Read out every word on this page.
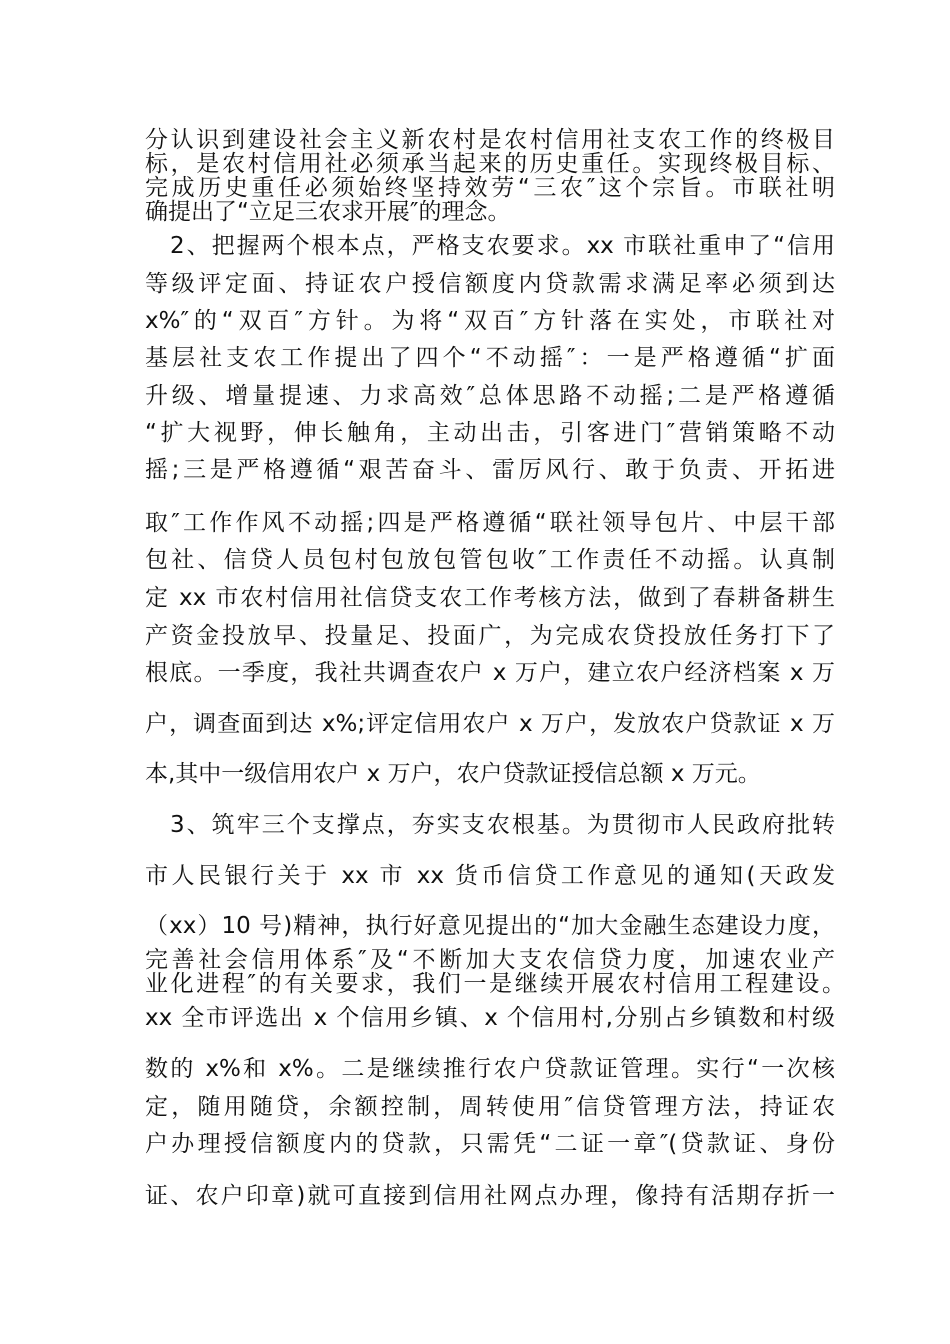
分认识到建设社会主义新农村是农村信用社支农工作的终极目
标，是农村信用社必须承当起来的历史重任。实现终极目标、
完成历史重任必须始终坚持效劳“三农″这个宗旨。市联社明
确提出了“立足三农求开展″的理念。
2、把握两个根本点，严格支农要求。xx 市联社重申了“信用
等级评定面、持证农户授信额度内贷款需求满足率必须到达
x%″的“双百″方针。为将“双百″方针落在实处，市联社对
基层社支农工作提出了四个“不动摇″：一是严格遵循“扩面
升级、增量提速、力求高效″总体思路不动摇;二是严格遵循
“扩大视野，伸长触角，主动出击，引客进门″营销策略不动
摇;三是严格遵循“艰苦奋斗、雷厉风行、敢于负责、开拓进
取″工作作风不动摇;四是严格遵循“联社领导包片、中层干部
包社、信贷人员包村包放包管包收″工作责任不动摇。认真制
定 xx 市农村信用社信贷支农工作考核方法，做到了春耕备耕生
产资金投放早、投量足、投面广，为完成农贷投放任务打下了
根底。一季度，我社共调查农户 x 万户，建立农户经济档案 x 万
户，调查面到达 x%;评定信用农户 x 万户，发放农户贷款证 x 万
本,其中一级信用农户 x 万户，农户贷款证授信总额 x 万元。
3、筑牢三个支撑点，夯实支农根基。为贯彻市人民政府批转
市人民银行关于 xx 市 xx 货币信贷工作意见的通知(天政发
（xx）10 号)精神，执行好意见提出的“加大金融生态建设力度，
完善社会信用体系″及“不断加大支农信贷力度，加速农业产
业化进程″的有关要求，我们一是继续开展农村信用工程建设。
xx 全市评选出 x 个信用乡镇、x 个信用村,分别占乡镇数和村级
数的 x%和 x%。二是继续推行农户贷款证管理。实行“一次核
定，随用随贷，余额控制，周转使用″信贷管理方法，持证农
户办理授信额度内的贷款，只需凭“二证一章″(贷款证、身份
证、农户印章)就可直接到信用社网点办理，像持有活期存折一
